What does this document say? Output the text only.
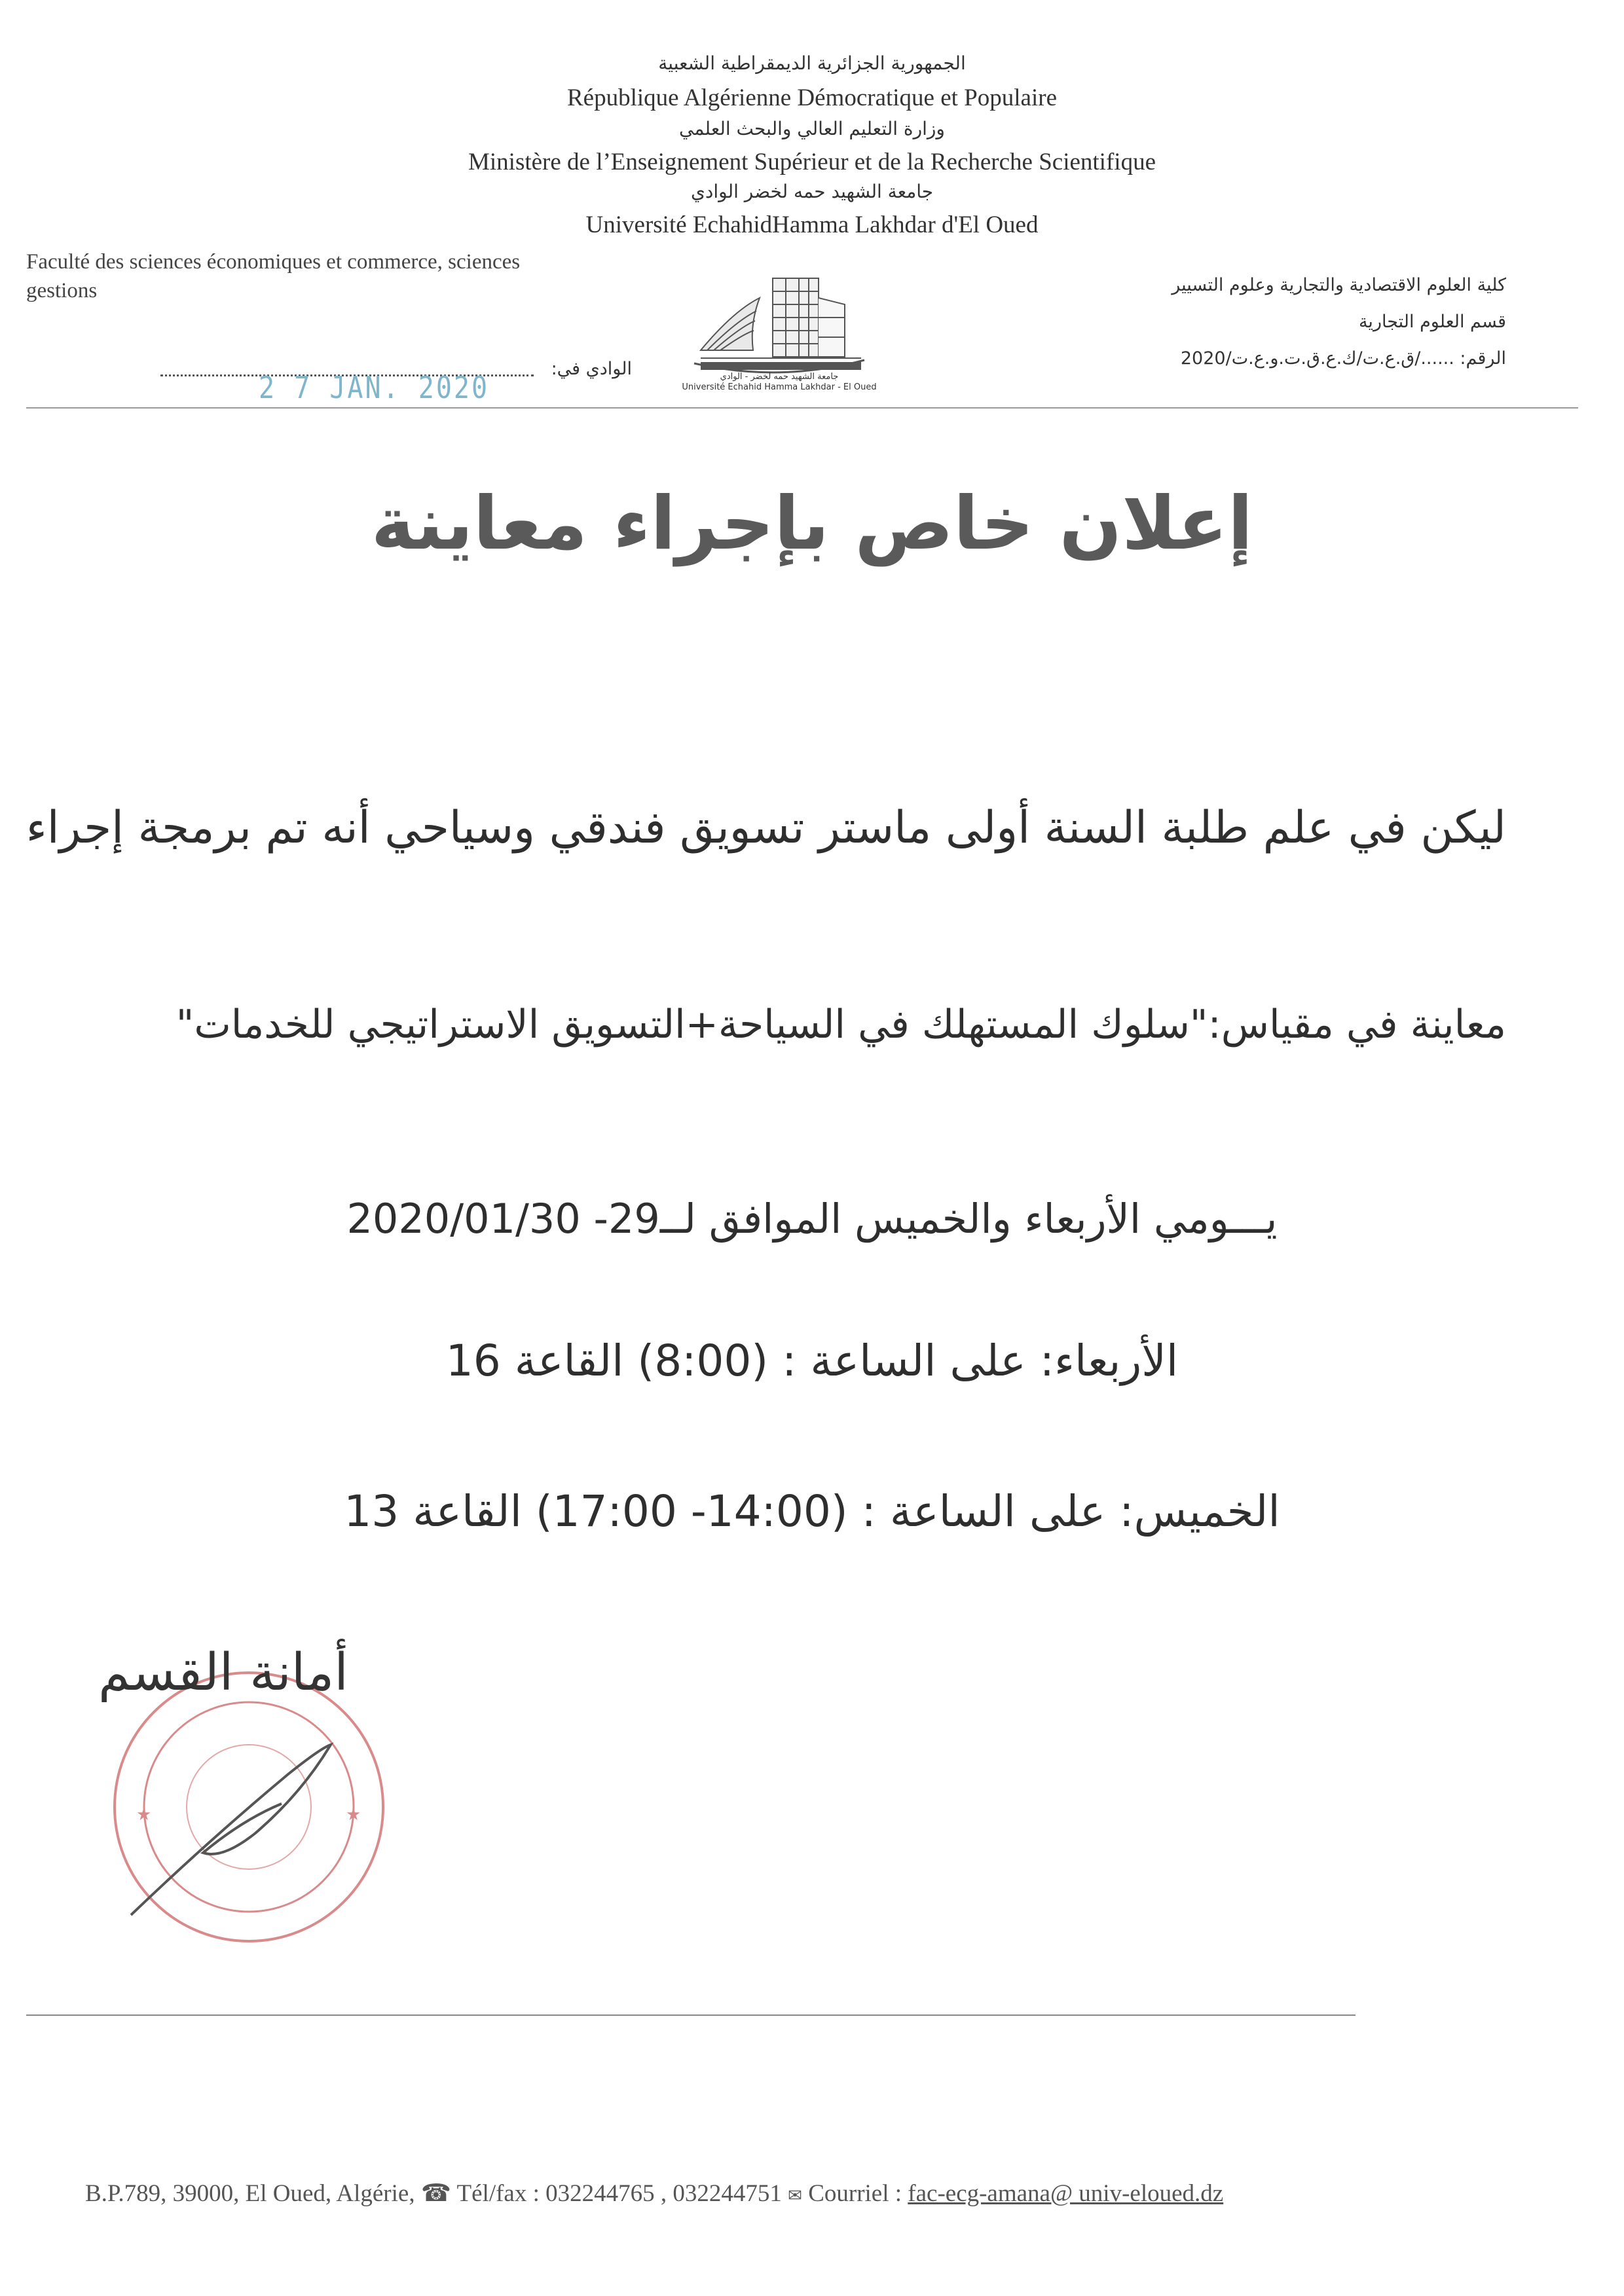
الجمهورية الجزائرية الديمقراطية الشعبية
République Algérienne Démocratique et Populaire
وزارة التعليم العالي والبحث العلمي
Ministère de l’Enseignement Supérieur et de la Recherche Scientifique
جامعة الشهيد حمه لخضر الوادي
Université EchahidHamma Lakhdar d'El Oued
Faculté des sciences économiques et commerce, sciences
gestions
الوادي في:
2 7 JAN. 2020	جامعة الشهيد حمه لخضر - الوادي
Université Echahid Hamma Lakhdar - El Oued
كلية العلوم الاقتصادية والتجارية وعلوم التسيير
قسم العلوم التجارية
الرقم: ....../ق.ع.ت/ك.ع.ق.ت.و.ع.ت/2020
إعلان خاص بإجراء معاينة
ليكن في علم طلبة السنة أولى ماستر تسويق فندقي وسياحي أنه تم برمجة إجراء
معاينة في مقياس:"سلوك المستهلك في السياحة+التسويق الاستراتيجي للخدمات"
يـــومي الأربعاء والخميس الموافق لــ29- 2020/01/30
الأربعاء: على الساعة : (8:00) القاعة 16
الخميس: على الساعة : (14:00- 17:00) القاعة 13
★	★
أمانة القسم
B.P.789, 39000, El Oued, Algérie, ☎ Tél/fax : 032244765 , 032244751 ✉ Courriel : fac-ecg-amana@ univ-eloued.dz
